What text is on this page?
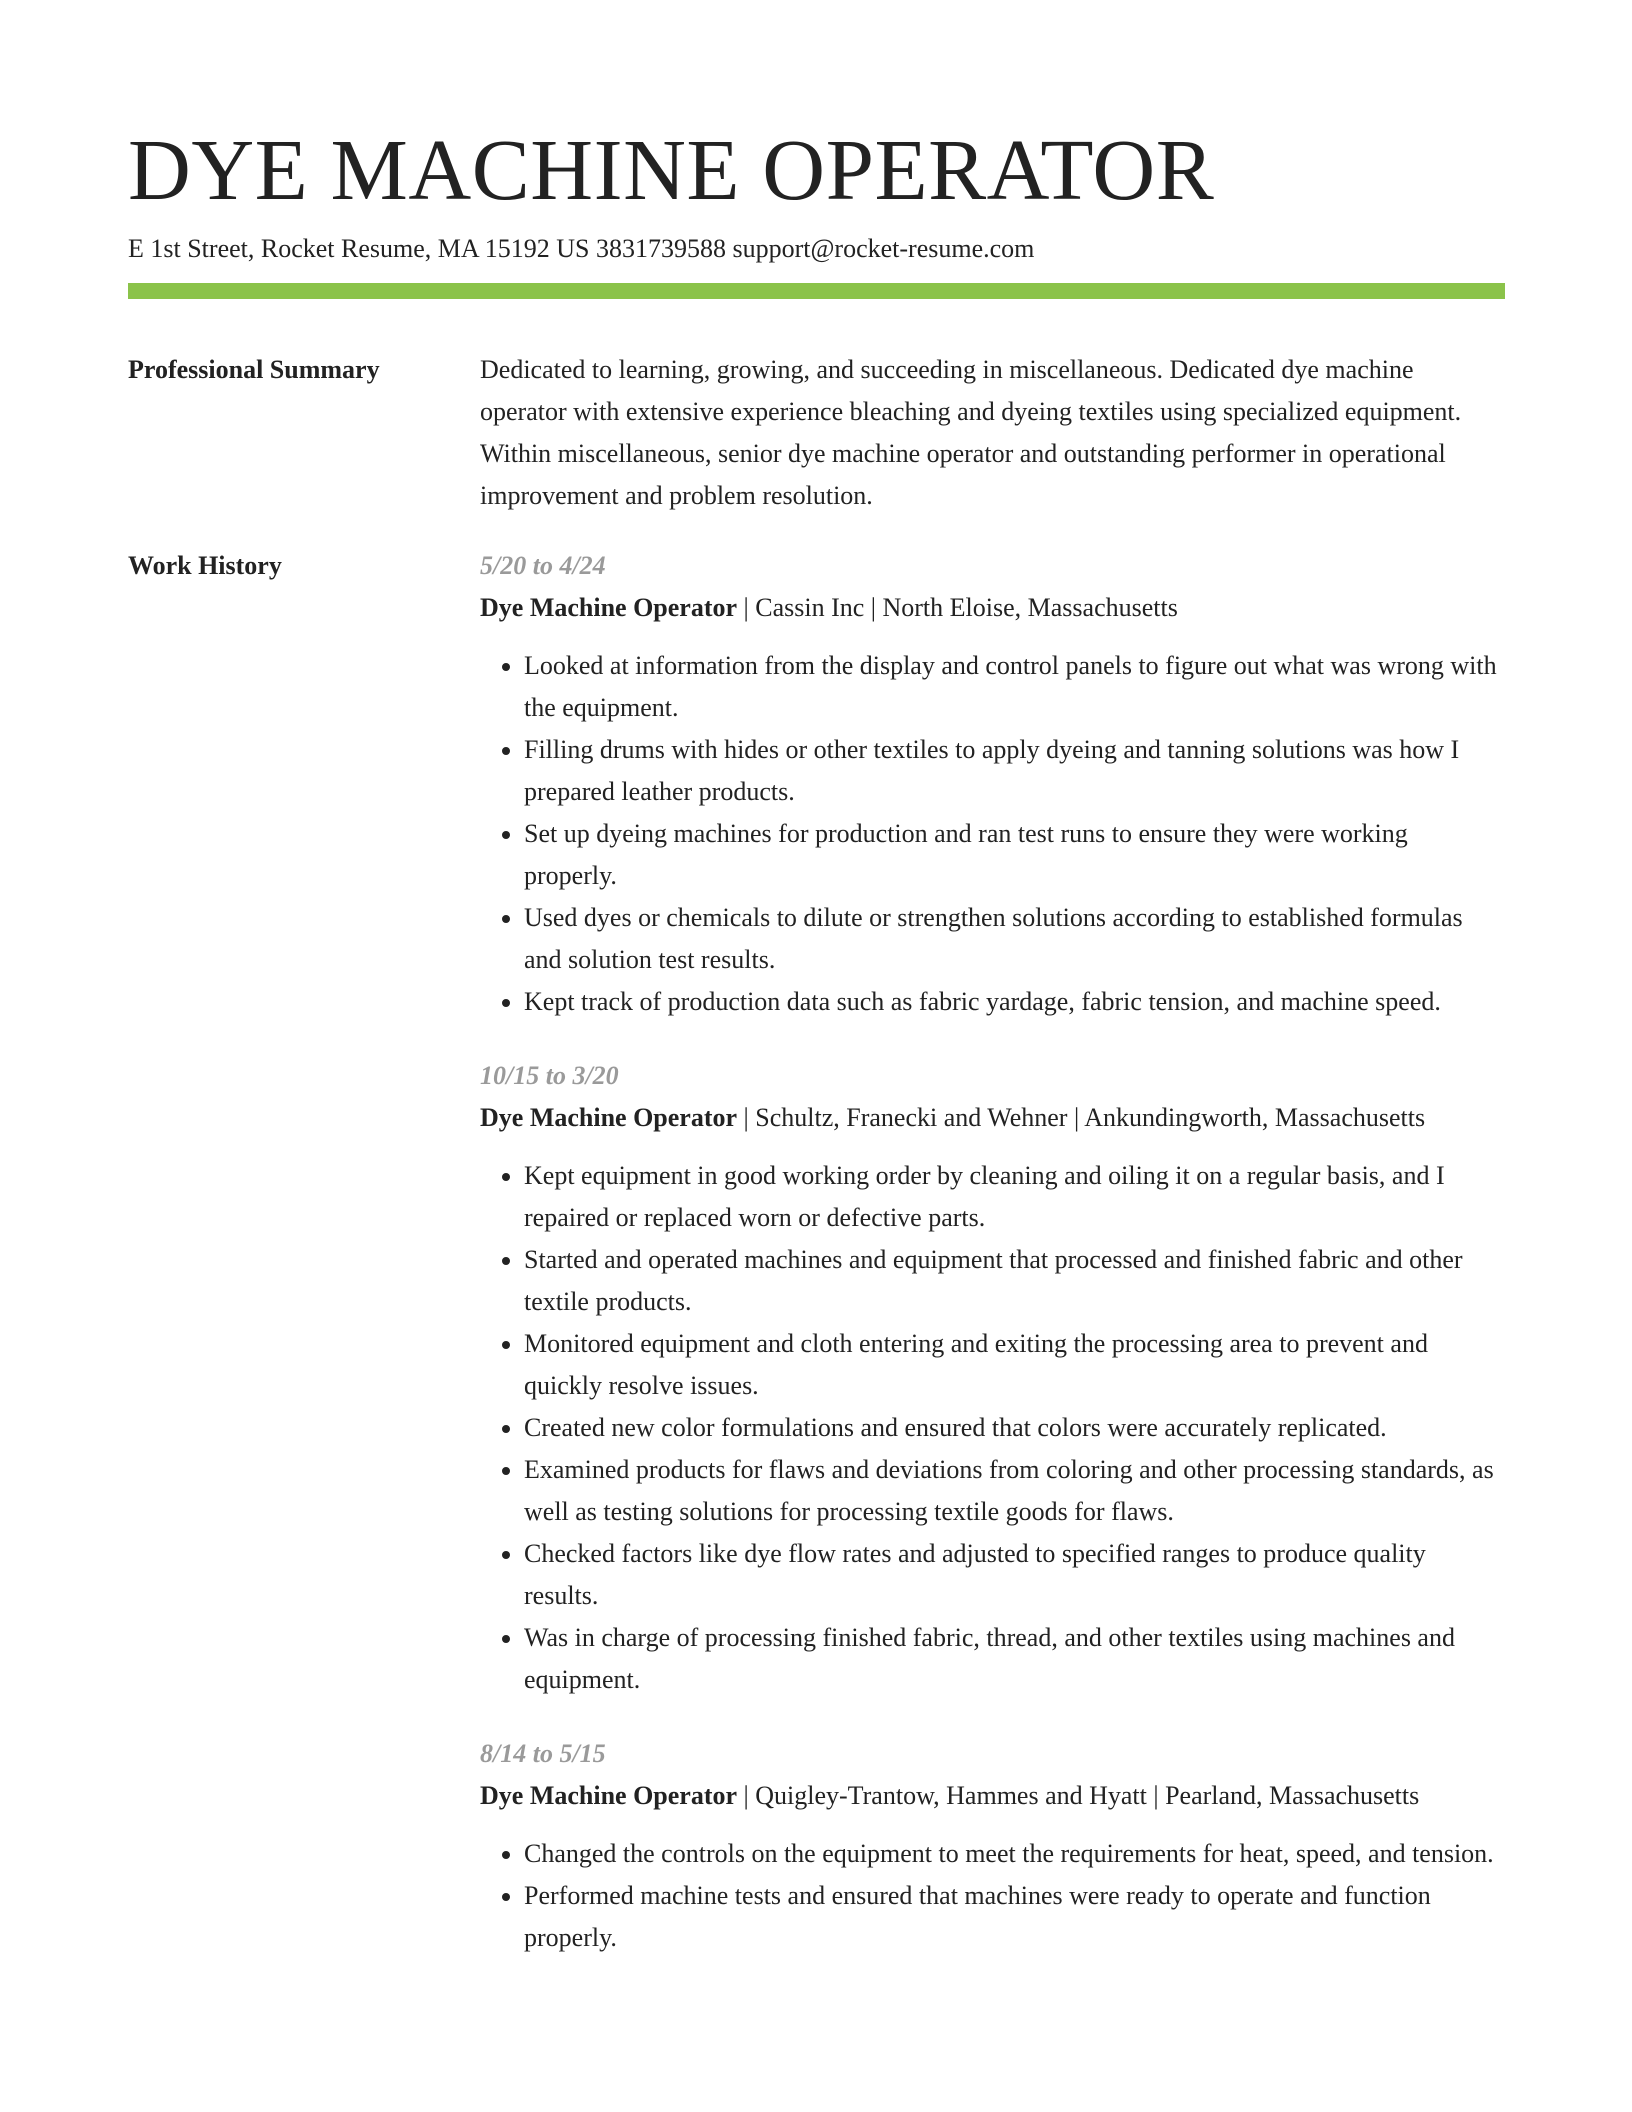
DYE MACHINE OPERATOR
E 1st Street, Rocket Resume, MA 15192 US 3831739588 support@rocket-resume.com
Professional Summary	Dedicated to learning, growing, and succeeding in miscellaneous. Dedicated dye machine operator with extensive experience bleaching and dyeing textiles using specialized equipment. Within miscellaneous, senior dye machine operator and outstanding performer in operational improvement and problem resolution.
Work History	5/20 to 4/24
Dye Machine Operator | Cassin Inc | North Eloise, Massachusetts
• Looked at information from the display and control panels to figure out what was wrong with the equipment.
• Filling drums with hides or other textiles to apply dyeing and tanning solutions was how I prepared leather products.
• Set up dyeing machines for production and ran test runs to ensure they were working properly.
• Used dyes or chemicals to dilute or strengthen solutions according to established formulas and solution test results.
• Kept track of production data such as fabric yardage, fabric tension, and machine speed.
10/15 to 3/20
Dye Machine Operator | Schultz, Franecki and Wehner | Ankundingworth, Massachusetts
• Kept equipment in good working order by cleaning and oiling it on a regular basis, and I repaired or replaced worn or defective parts.
• Started and operated machines and equipment that processed and finished fabric and other textile products.
• Monitored equipment and cloth entering and exiting the processing area to prevent and quickly resolve issues.
• Created new color formulations and ensured that colors were accurately replicated.
• Examined products for flaws and deviations from coloring and other processing standards, as well as testing solutions for processing textile goods for flaws.
• Checked factors like dye flow rates and adjusted to specified ranges to produce quality results.
• Was in charge of processing finished fabric, thread, and other textiles using machines and equipment.
8/14 to 5/15
Dye Machine Operator | Quigley-Trantow, Hammes and Hyatt | Pearland, Massachusetts
• Changed the controls on the equipment to meet the requirements for heat, speed, and tension.
• Performed machine tests and ensured that machines were ready to operate and function properly.
